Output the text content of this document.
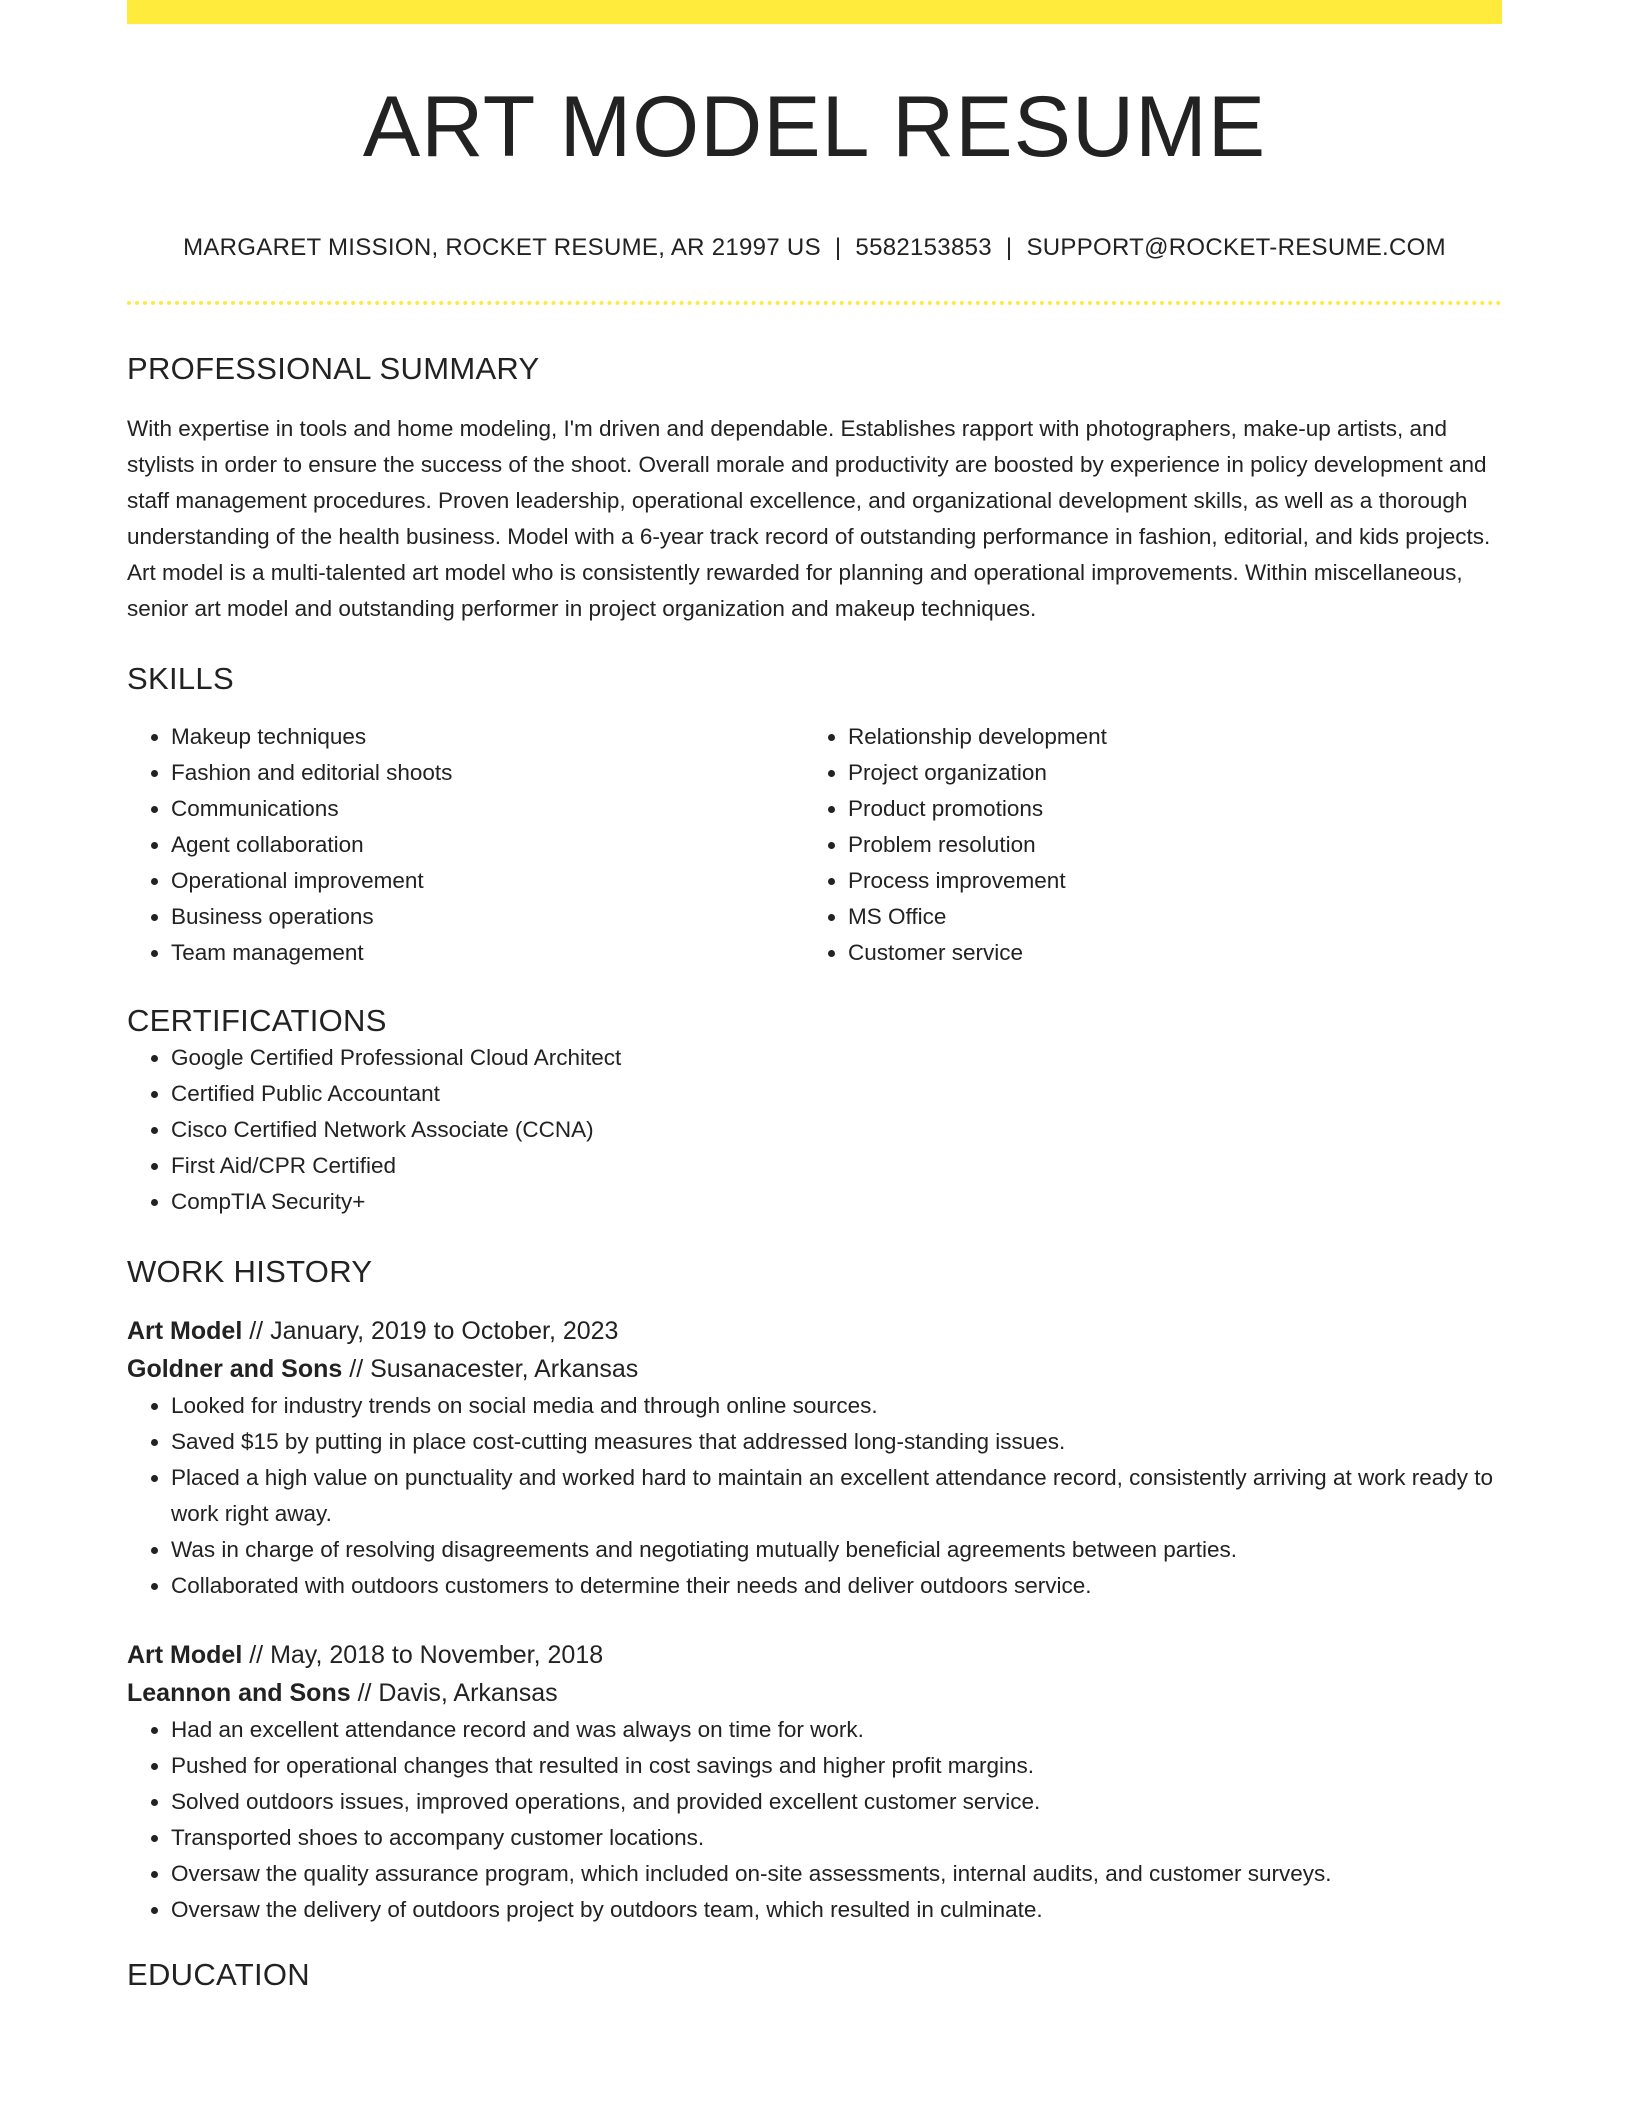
ART MODEL RESUME
MARGARET MISSION, ROCKET RESUME, AR 21997 US | 5582153853 | SUPPORT@ROCKET-RESUME.COM
PROFESSIONAL SUMMARY

With expertise in tools and home modeling, I'm driven and dependable. Establishes rapport with photographers, make-up artists, and stylists in order to ensure the success of the shoot. Overall morale and productivity are boosted by experience in policy development and staff management procedures. Proven leadership, operational excellence, and organizational development skills, as well as a thorough understanding of the health business. Model with a 6-year track record of outstanding performance in fashion, editorial, and kids projects. Art model is a multi-talented art model who is consistently rewarded for planning and operational improvements. Within miscellaneous, senior art model and outstanding performer in project organization and makeup techniques.

SKILLS
• Makeup techniques
• Fashion and editorial shoots
• Communications
• Agent collaboration
• Operational improvement
• Business operations
• Team management
• Relationship development
• Project organization
• Product promotions
• Problem resolution
• Process improvement
• MS Office
• Customer service
CERTIFICATIONS
• Google Certified Professional Cloud Architect
• Certified Public Accountant
• Cisco Certified Network Associate (CCNA)
• First Aid/CPR Certified
• CompTIA Security+
WORK HISTORY
Art Model // January, 2019 to October, 2023
Goldner and Sons // Susanacester, Arkansas
• Looked for industry trends on social media and through online sources.
• Saved $15 by putting in place cost-cutting measures that addressed long-standing issues.
• Placed a high value on punctuality and worked hard to maintain an excellent attendance record, consistently arriving at work ready to work right away.
• Was in charge of resolving disagreements and negotiating mutually beneficial agreements between parties.
• Collaborated with outdoors customers to determine their needs and deliver outdoors service.
Art Model // May, 2018 to November, 2018
Leannon and Sons // Davis, Arkansas
• Had an excellent attendance record and was always on time for work.
• Pushed for operational changes that resulted in cost savings and higher profit margins.
• Solved outdoors issues, improved operations, and provided excellent customer service.
• Transported shoes to accompany customer locations.
• Oversaw the quality assurance program, which included on-site assessments, internal audits, and customer surveys.
• Oversaw the delivery of outdoors project by outdoors team, which resulted in culminate.
EDUCATION
